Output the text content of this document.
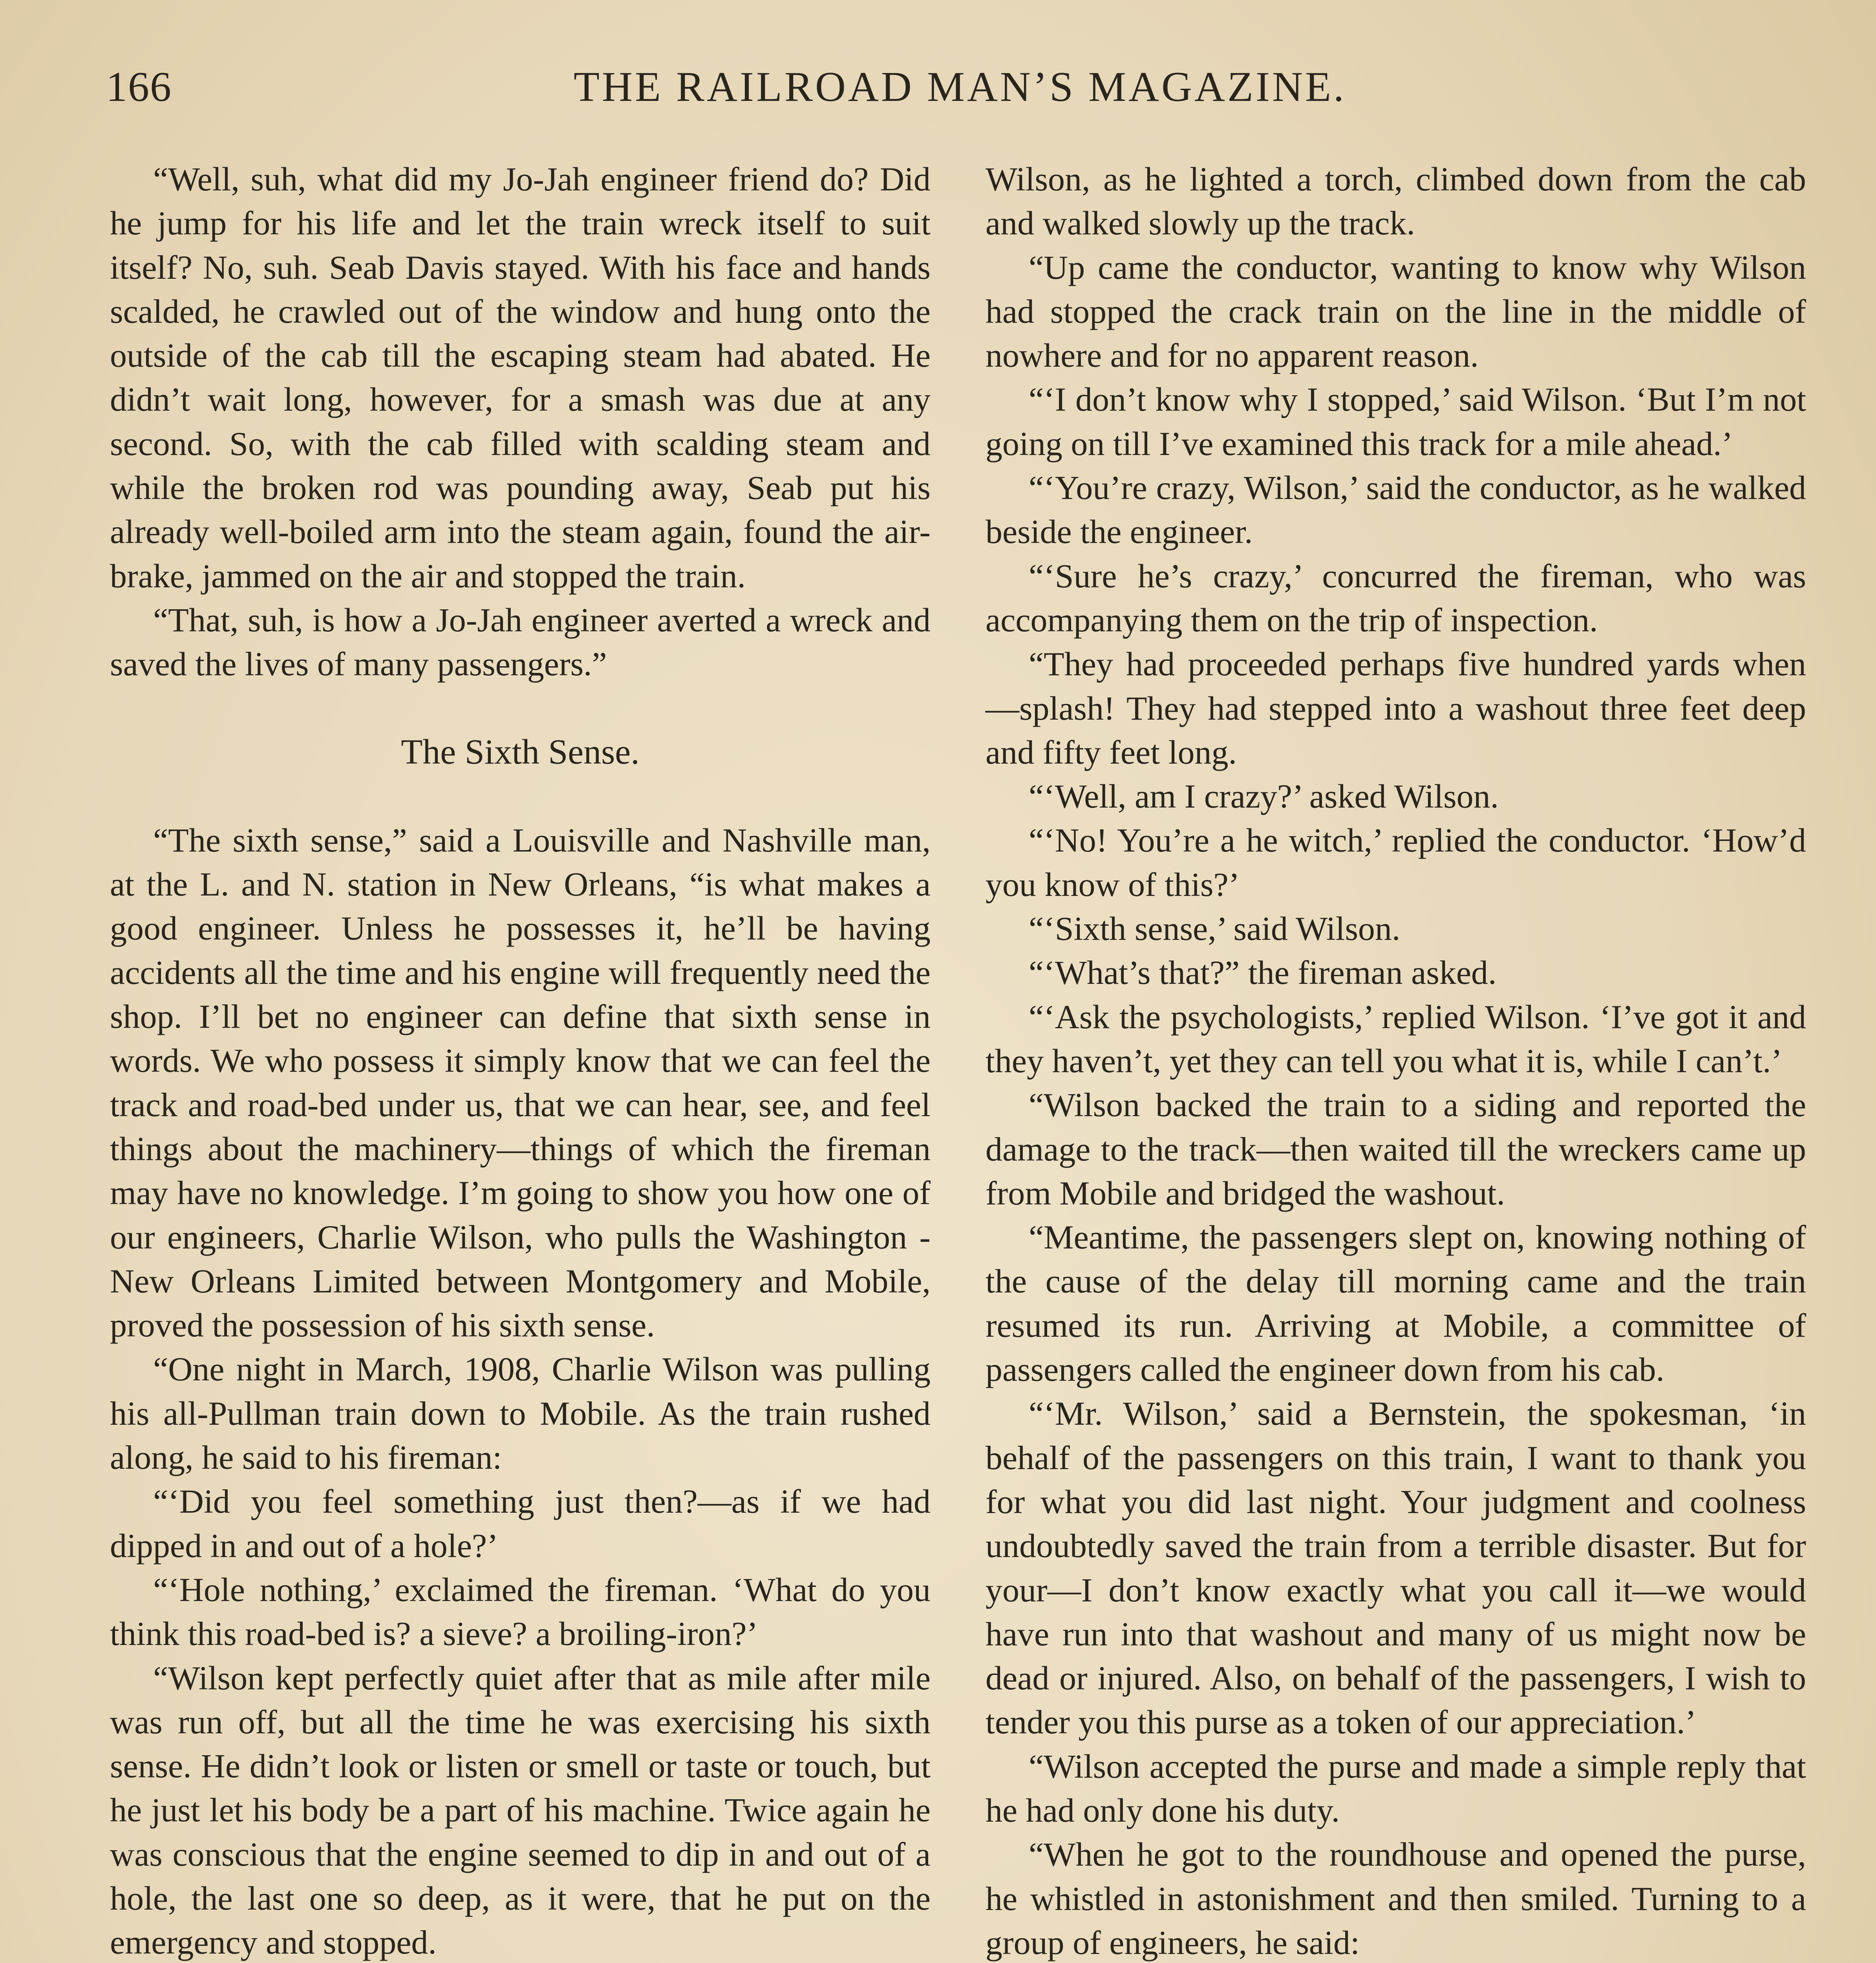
166	THE RAILROAD MAN’S MAGAZINE.

“Well, suh, what did my Jo-Jah engineer friend do? Did he jump for his life and let the train wreck itself to suit itself? No, suh. Seab Davis stayed. With his face and hands scalded, he crawled out of the window and hung onto the outside of the cab till the escaping steam had abated. He didn’t wait long, however, for a smash was due at any second. So, with the cab filled with scalding steam and while the broken rod was pounding away, Seab put his already well-boiled arm into the steam again, found the air-brake, jammed on the air and stopped the train.

“That, suh, is how a Jo-Jah engineer averted a wreck and saved the lives of many passengers.”

The Sixth Sense.

“The sixth sense,” said a Louisville and Nashville man, at the L. and N. station in New Orleans, “is what makes a good engineer. Unless he possesses it, he’ll be having accidents all the time and his engine will frequently need the shop. I’ll bet no engineer can define that sixth sense in words. We who possess it simply know that we can feel the track and road-bed under us, that we can hear, see, and feel things about the machinery—things of which the fireman may have no knowledge. I’m going to show you how one of our engineers, Charlie Wilson, who pulls the Washington - New Orleans Limited between Montgomery and Mobile, proved the possession of his sixth sense.

“One night in March, 1908, Charlie Wilson was pulling his all-Pullman train down to Mobile. As the train rushed along, he said to his fireman:

“‘Did you feel something just then?—as if we had dipped in and out of a hole?’

“‘Hole nothing,’ exclaimed the fireman. ‘What do you think this road-bed is? a sieve? a broiling-iron?’

“Wilson kept perfectly quiet after that as mile after mile was run off, but all the time he was exercising his sixth sense. He didn’t look or listen or smell or taste or touch, but he just let his body be a part of his machine. Twice again he was conscious that the engine seemed to dip in and out of a hole, the last one so deep, as it were, that he put on the emergency and stopped.

Wilson, as he lighted a torch, climbed down from the cab and walked slowly up the track.

“Up came the conductor, wanting to know why Wilson had stopped the crack train on the line in the middle of nowhere and for no apparent reason.

“‘I don’t know why I stopped,’ said Wilson. ‘But I’m not going on till I’ve examined this track for a mile ahead.’

“‘You’re crazy, Wilson,’ said the conductor, as he walked beside the engineer.

“‘Sure he’s crazy,’ concurred the fireman, who was accompanying them on the trip of inspection.

“They had proceeded perhaps five hundred yards when—splash! They had stepped into a washout three feet deep and fifty feet long.

“‘Well, am I crazy?’ asked Wilson.

“‘No! You’re a he witch,’ replied the conductor. ‘How’d you know of this?’

“‘Sixth sense,’ said Wilson.

“‘What’s that?” the fireman asked.

“‘Ask the psychologists,’ replied Wilson. ‘I’ve got it and they haven’t, yet they can tell you what it is, while I can’t.’

“Wilson backed the train to a siding and reported the damage to the track—then waited till the wreckers came up from Mobile and bridged the washout.

“Meantime, the passengers slept on, knowing nothing of the cause of the delay till morning came and the train resumed its run. Arriving at Mobile, a committee of passengers called the engineer down from his cab.

“‘Mr. Wilson,’ said a Bernstein, the spokesman, ‘in behalf of the passengers on this train, I want to thank you for what you did last night. Your judgment and coolness undoubtedly saved the train from a terrible disaster. But for your—I don’t know exactly what you call it—we would have run into that washout and many of us might now be dead or injured. Also, on behalf of the passengers, I wish to tender you this purse as a token of our appreciation.’

“Wilson accepted the purse and made a simple reply that he had only done his duty.

“When he got to the roundhouse and opened the purse, he whistled in astonishment and then smiled. Turning to a group of engineers, he said:
